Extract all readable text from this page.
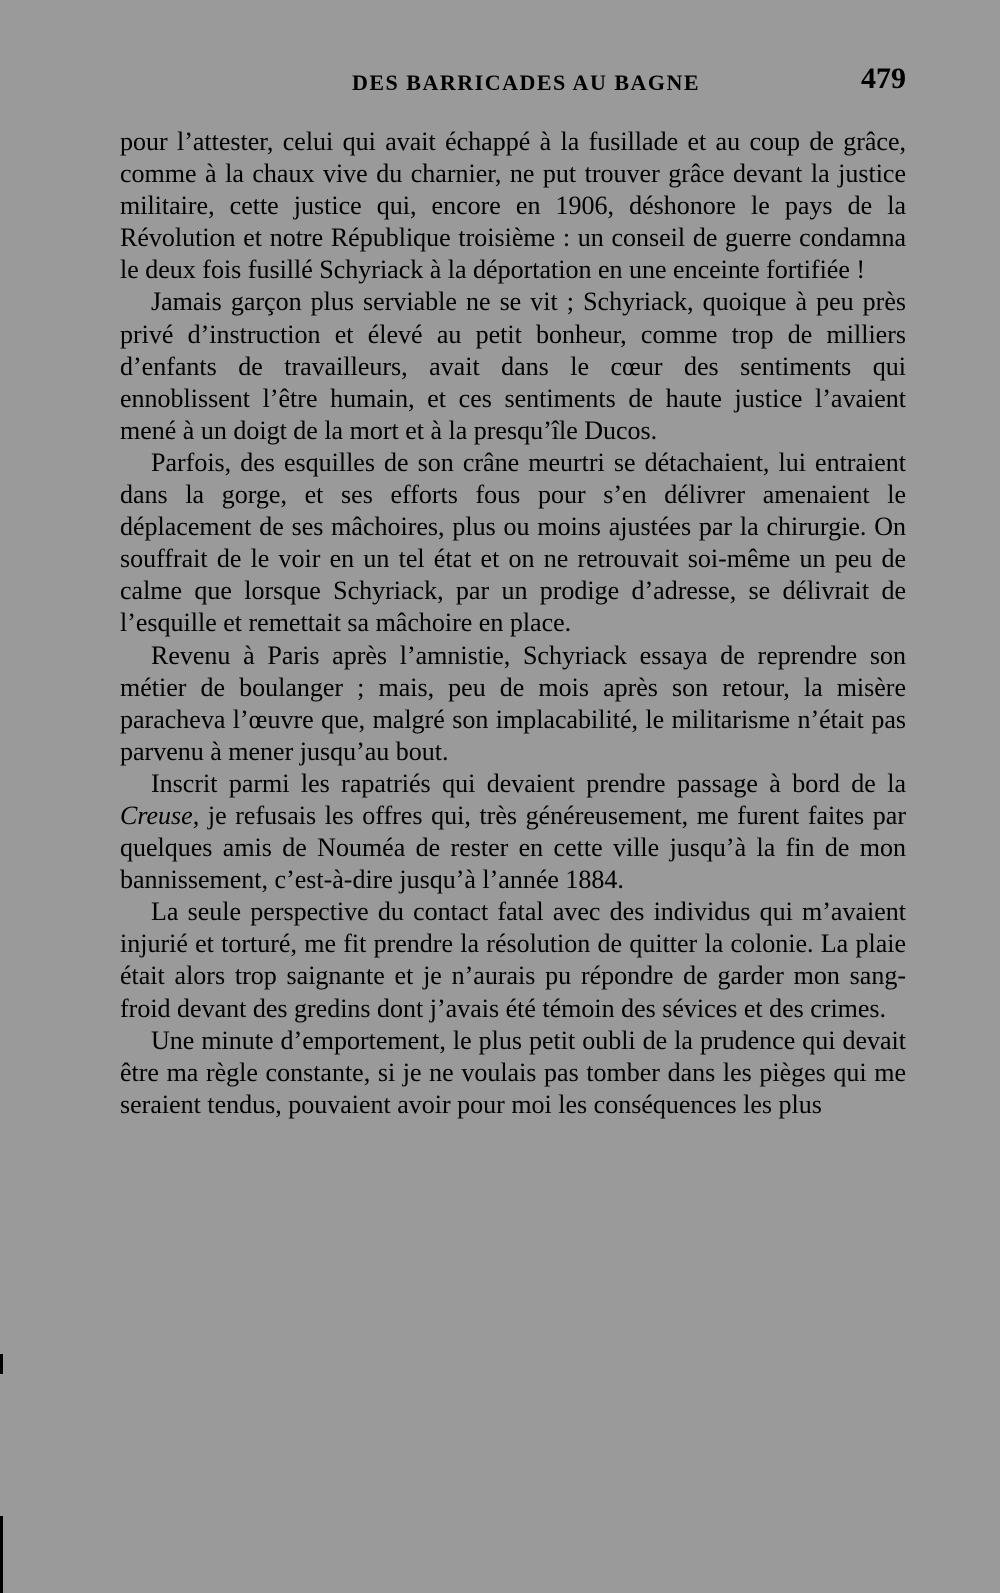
DES BARRICADES AU BAGNE	479

pour l’attester, celui qui avait échappé à la fusillade et au coup de grâce, comme à la chaux vive du charnier, ne put trouver grâce devant la justice militaire, cette justice qui, encore en 1906, déshonore le pays de la Révolution et notre République troisième : un conseil de guerre condamna le deux fois fusillé Schyriack à la déportation en une enceinte fortifiée !

Jamais garçon plus serviable ne se vit ; Schyriack, quoique à peu près privé d’instruction et élevé au petit bonheur, comme trop de milliers d’enfants de travailleurs, avait dans le cœur des sentiments qui ennoblissent l’être humain, et ces sentiments de haute justice l’avaient mené à un doigt de la mort et à la presqu’île Ducos.

Parfois, des esquilles de son crâne meurtri se détachaient, lui entraient dans la gorge, et ses efforts fous pour s’en délivrer amenaient le déplacement de ses mâchoires, plus ou moins ajustées par la chirurgie. On souffrait de le voir en un tel état et on ne retrouvait soi-même un peu de calme que lorsque Schyriack, par un prodige d’adresse, se délivrait de l’esquille et remettait sa mâchoire en place.

Revenu à Paris après l’amnistie, Schyriack essaya de reprendre son métier de boulanger ; mais, peu de mois après son retour, la misère paracheva l’œuvre que, malgré son implacabilité, le militarisme n’était pas parvenu à mener jusqu’au bout.

Inscrit parmi les rapatriés qui devaient prendre passage à bord de la Creuse, je refusais les offres qui, très généreusement, me furent faites par quelques amis de Nouméa de rester en cette ville jusqu’à la fin de mon bannissement, c’est-à-dire jusqu’à l’année 1884.

La seule perspective du contact fatal avec des individus qui m’avaient injurié et torturé, me fit prendre la résolution de quitter la colonie. La plaie était alors trop saignante et je n’aurais pu répondre de garder mon sang-froid devant des gredins dont j’avais été témoin des sévices et des crimes.

Une minute d’emportement, le plus petit oubli de la prudence qui devait être ma règle constante, si je ne voulais pas tomber dans les pièges qui me seraient tendus, pouvaient avoir pour moi les conséquences les plus
